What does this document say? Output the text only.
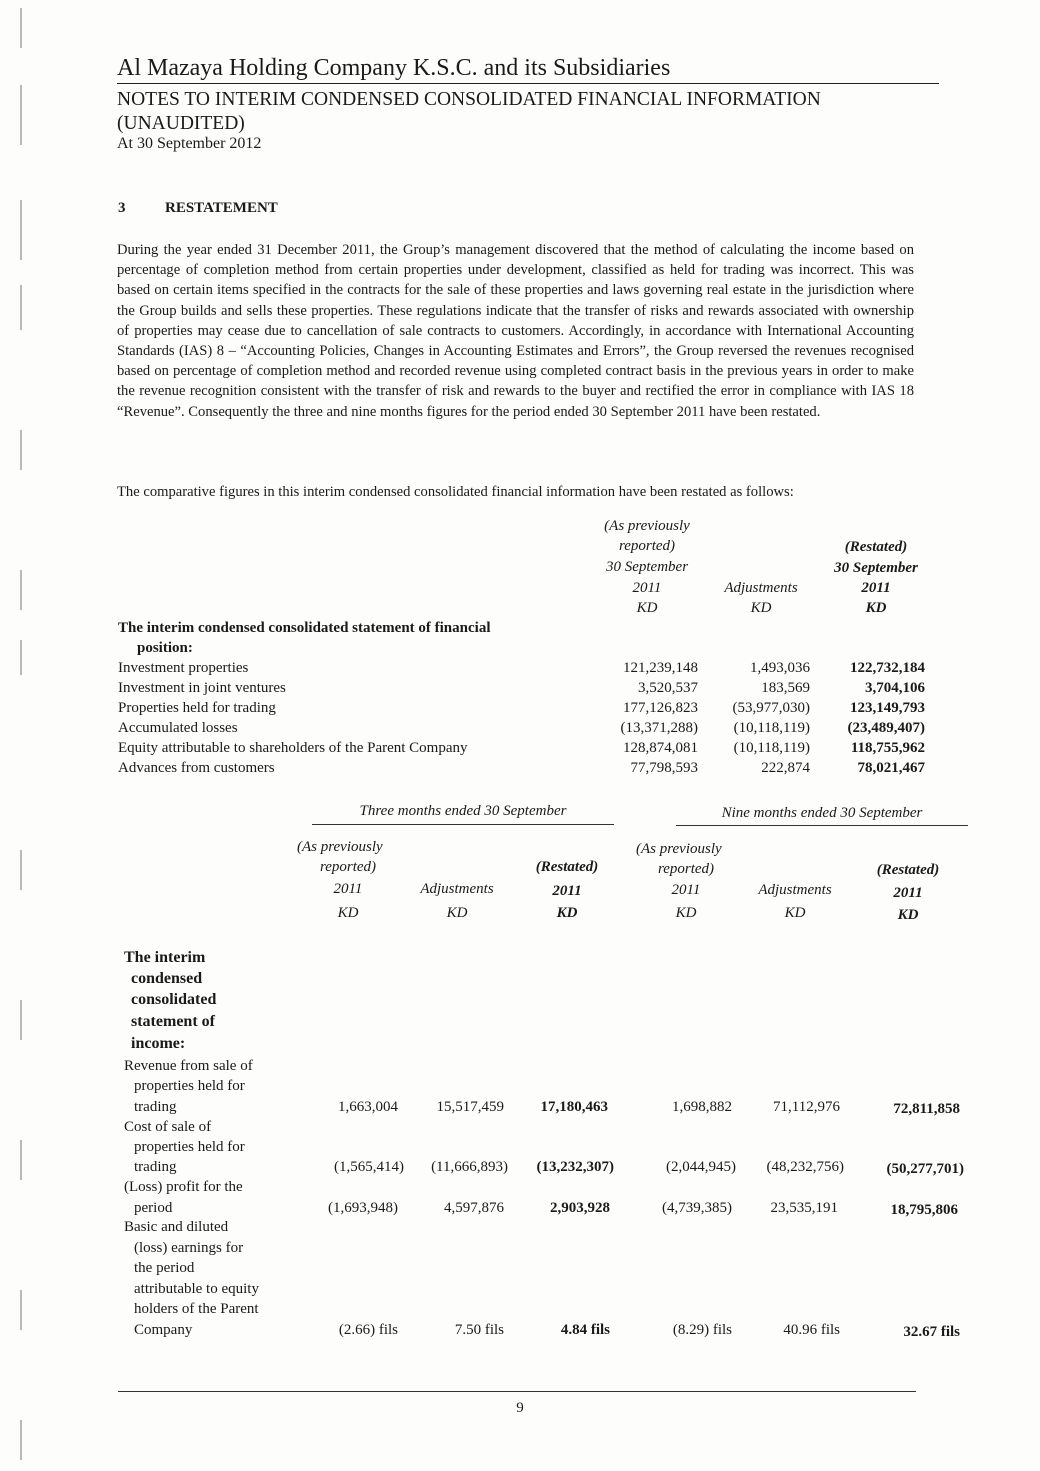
Al Mazaya Holding Company K.S.C. and its Subsidiaries
NOTES TO INTERIM CONDENSED CONSOLIDATED FINANCIAL INFORMATION
(UNAUDITED)
At 30 September 2012
3	RESTATEMENT

During the year ended 31 December 2011, the Group’s management discovered that the method of calculating the income based on percentage of completion method from certain properties under development, classified as held for trading was incorrect. This was based on certain items specified in the contracts for the sale of these properties and laws governing real estate in the jurisdiction where the Group builds and sells these properties. These regulations indicate that the transfer of risks and rewards associated with ownership of properties may cease due to cancellation of sale contracts to customers. Accordingly, in accordance with International Accounting Standards (IAS) 8 – “Accounting Policies, Changes in Accounting Estimates and Errors”, the Group reversed the revenues recognised based on percentage of completion method and recorded revenue using completed contract basis in the previous years in order to make the revenue recognition consistent with the transfer of risk and rewards to the buyer and rectified the error in compliance with IAS 18 “Revenue”. Consequently the three and nine months figures for the period ended 30 September 2011 have been restated.

The comparative figures in this interim condensed consolidated financial information have been restated as follows:

(As previously
reported)
30 September
2011
KD
Adjustments
KD
(Restated)
30 September
2011
KD
The interim condensed consolidated statement of financial
position:
Investment properties	121,239,148	1,493,036	122,732,184
Investment in joint ventures	3,520,537	183,569	3,704,106
Properties held for trading	177,126,823	(53,977,030)	123,149,793
Accumulated losses	(13,371,288)	(10,118,119)	(23,489,407)
Equity attributable to shareholders of the Parent Company	128,874,081	(10,118,119)	118,755,962
Advances from customers	77,798,593	222,874	78,021,467
Three months ended 30 September	Nine months ended 30 September
(As previously
reported)
2011
KD
Adjustments
KD
(Restated)
2011
KD
(As previously
reported)
2011
KD
Adjustments
KD
(Restated)
2011
KD
The interim
condensed
consolidated
statement of
income:
Revenue from sale of
properties held for
trading	1,663,004	15,517,459	17,180,463	1,698,882	71,112,976	72,811,858
Cost of sale of
properties held for
trading	(1,565,414)	(11,666,893)	(13,232,307)	(2,044,945)	(48,232,756)	(50,277,701)
(Loss) profit for the
period	(1,693,948)	4,597,876	2,903,928	(4,739,385)	23,535,191	18,795,806
Basic and diluted
(loss) earnings for
the period
attributable to equity
holders of the Parent
Company	(2.66) fils	7.50 fils	4.84 fils	(8.29) fils	40.96 fils	32.67 fils
9
